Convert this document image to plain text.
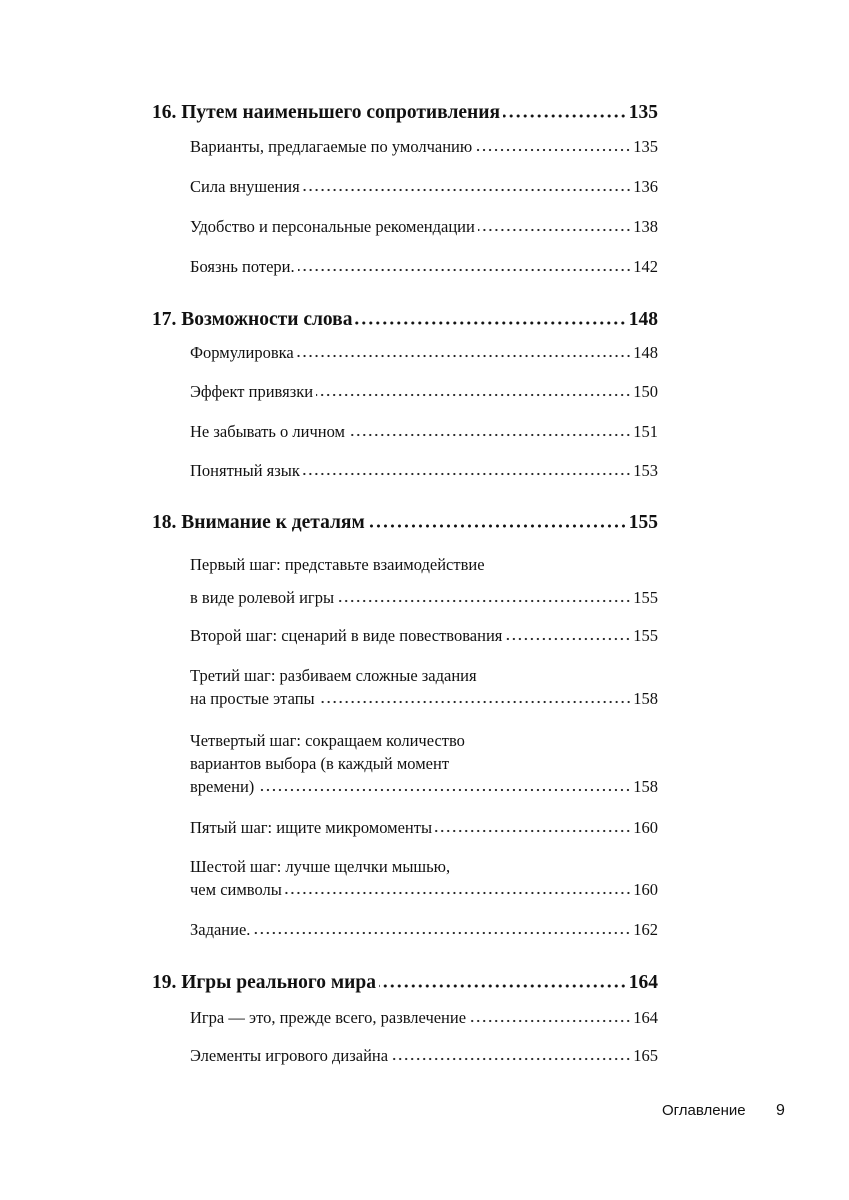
16. Путем наименьшего сопротивления	135
Варианты, предлагаемые по умолчанию	135
Сила внушения	136
Удобство и персональные рекомендации	138
Боязнь потери.	142
17. Возможности слова	148
Формулировка	148
Эффект привязки	150
Не забывать о личном	151
Понятный язык	153
18. Внимание к деталям	155
Первый шаг: представьте взаимодействие
в виде ролевой игры	155
Второй шаг: сценарий в виде повествования	155
Третий шаг: разбиваем сложные задания
на простые этапы	158
Четвертый шаг: сокращаем количество
вариантов выбора (в каждый момент
времени)	158
Пятый шаг: ищите микромоменты	160
Шестой шаг: лучше щелчки мышью,
чем символы	160
Задание.	162
19. Игры реального мира	164
Игра — это, прежде всего, развлечение	164
Элементы игрового дизайна	165
Оглавление 9
